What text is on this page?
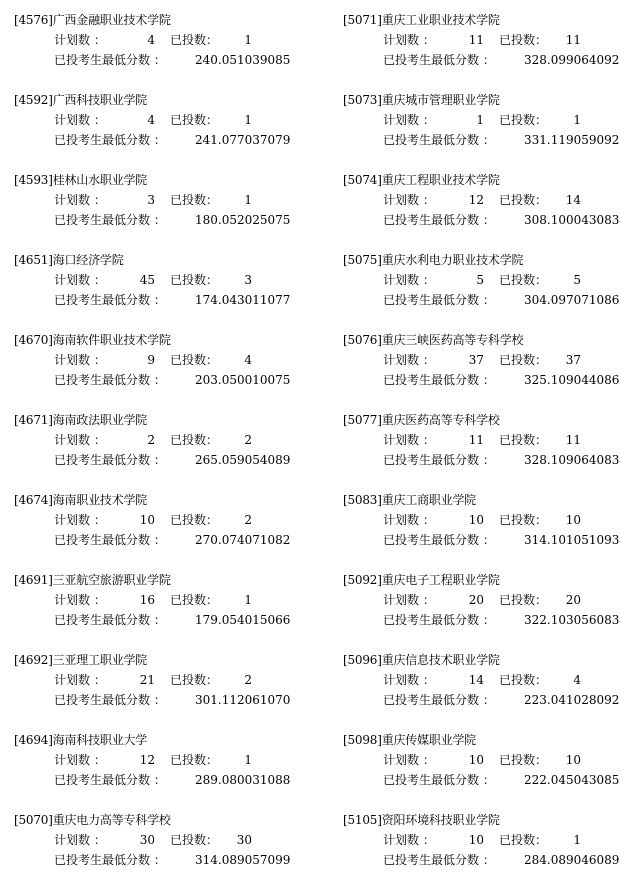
[4576]广西金融职业技术学院
计划数 ：	4 已投数：	1
已投考生最低分数 ： 240.051039085
[4592]广西科技职业学院
计划数 ：	4 已投数：	1
已投考生最低分数 ： 241.077037079
[4593]桂林山水职业学院
计划数 ：	3 已投数：	1
已投考生最低分数 ： 180.052025075
[4651]海口经济学院
计划数 ：	45 已投数：	3
已投考生最低分数 ： 174.043011077
[4670]海南软件职业技术学院
计划数 ：	9 已投数：	4
已投考生最低分数 ： 203.050010075
[4671]海南政法职业学院
计划数 ：	2 已投数：	2
已投考生最低分数 ： 265.059054089
[4674]海南职业技术学院
计划数 ：	10 已投数：	2
已投考生最低分数 ： 270.074071082
[4691]三亚航空旅游职业学院
计划数 ：	16 已投数：	1
已投考生最低分数 ： 179.054015066
[4692]三亚理工职业学院
计划数 ：	21 已投数：	2
已投考生最低分数 ： 301.112061070
[4694]海南科技职业大学
计划数 ：	12 已投数：	1
已投考生最低分数 ： 289.080031088
[5070]重庆电力高等专科学校
计划数 ：	30 已投数：	30
已投考生最低分数 ： 314.089057099
[5071]重庆工业职业技术学院
计划数 ：	11 已投数：	11
已投考生最低分数 ： 328.099064092
[5073]重庆城市管理职业学院
计划数 ：	1 已投数：	1
已投考生最低分数 ： 331.119059092
[5074]重庆工程职业技术学院
计划数 ：	12 已投数：	14
已投考生最低分数 ： 308.100043083
[5075]重庆水利电力职业技术学院
计划数 ：	5 已投数：	5
已投考生最低分数 ： 304.097071086
[5076]重庆三峡医药高等专科学校
计划数 ：	37 已投数：	37
已投考生最低分数 ： 325.109044086
[5077]重庆医药高等专科学校
计划数 ：	11 已投数：	11
已投考生最低分数 ： 328.109064083
[5083]重庆工商职业学院
计划数 ：	10 已投数：	10
已投考生最低分数 ： 314.101051093
[5092]重庆电子工程职业学院
计划数 ：	20 已投数：	20
已投考生最低分数 ： 322.103056083
[5096]重庆信息技术职业学院
计划数 ：	14 已投数：	4
已投考生最低分数 ： 223.041028092
[5098]重庆传媒职业学院
计划数 ：	10 已投数：	10
已投考生最低分数 ： 222.045043085
[5105]资阳环境科技职业学院
计划数 ：	10 已投数：	1
已投考生最低分数 ： 284.089046089
